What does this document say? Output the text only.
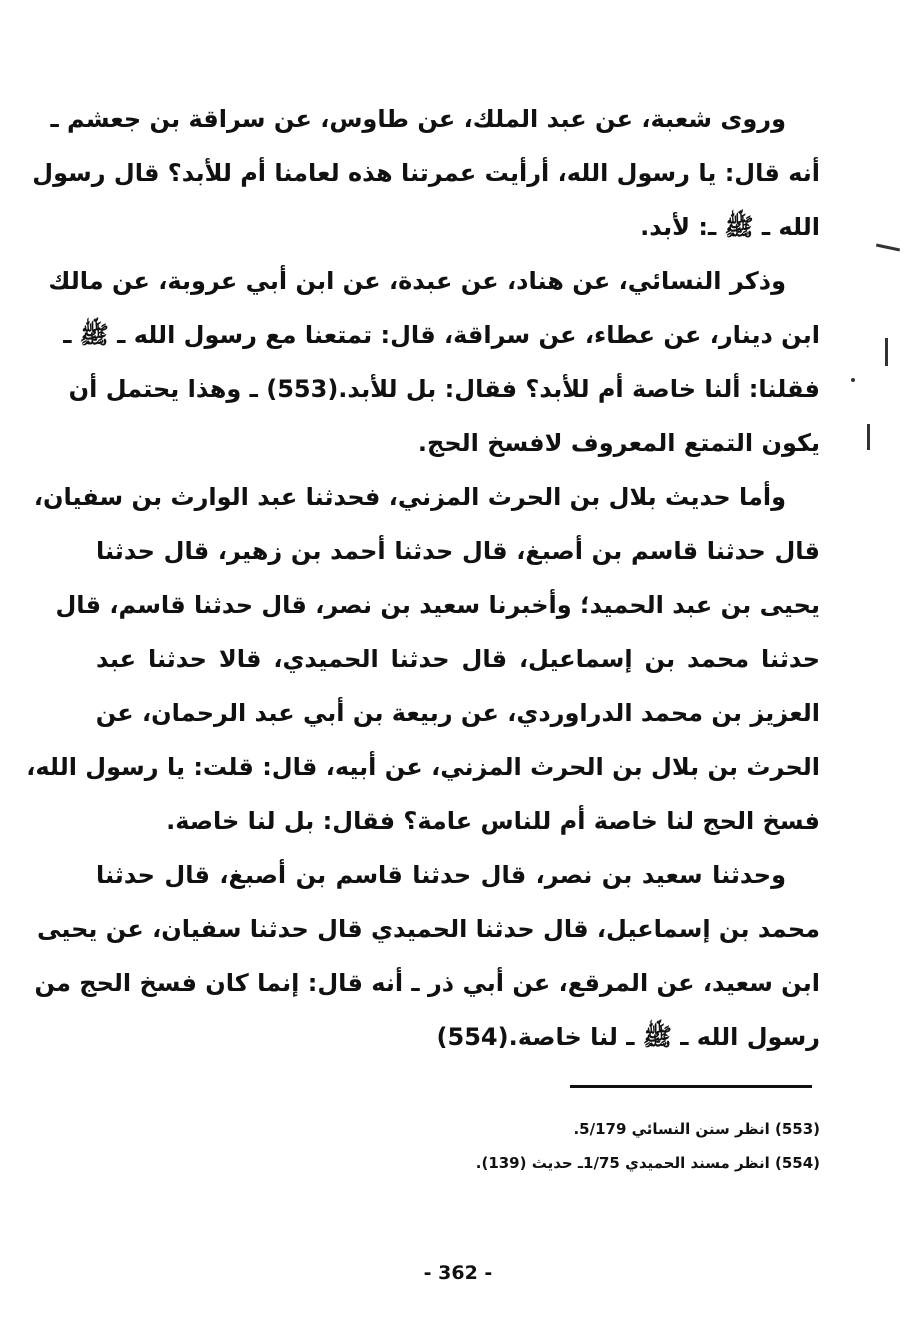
وروى شعبة، عن عبد الملك، عن طاوس، عن سراقة بن جعشم ـ
أنه قال: يا رسول الله، أرأيت عمرتنا هذه لعامنا أم للأبد؟ قال رسول
الله ـ ﷺ ـ: لأبد.

وذكر النسائي، عن هناد، عن عبدة، عن ابن أبي عروبة، عن مالك
ابن دينار، عن عطاء، عن سراقة، قال: تمتعنا مع رسول الله ـ ﷺ ـ
فقلنا: ألنا خاصة أم للأبد؟ فقال: بل للأبد.(553) ـ وهذا يحتمل أن
يكون التمتع المعروف لافسخ الحج.

وأما حديث بلال بن الحرث المزني، فحدثنا عبد الوارث بن سفيان،
قال حدثنا قاسم بن أصبغ، قال حدثنا أحمد بن زهير، قال حدثنا
يحيى بن عبد الحميد؛ وأخبرنا سعيد بن نصر، قال حدثنا قاسم، قال
حدثنا محمد بن إسماعيل، قال حدثنا الحميدي، قالا حدثنا عبد
العزيز بن محمد الدراوردي، عن ربيعة بن أبي عبد الرحمان، عن
الحرث بن بلال بن الحرث المزني، عن أبيه، قال: قلت: يا رسول الله،
فسخ الحج لنا خاصة أم للناس عامة؟ فقال: بل لنا خاصة.

وحدثنا سعيد بن نصر، قال حدثنا قاسم بن أصبغ، قال حدثنا
محمد بن إسماعيل، قال حدثنا الحميدي قال حدثنا سفيان، عن يحيى
ابن سعيد، عن المرقع، عن أبي ذر ـ أنه قال: إنما كان فسخ الحج من
رسول الله ـ ﷺ ـ لنا خاصة.(554)

(553) انظر سنن النسائي 5/179.
(554) انظر مسند الحميدي 1/75ـ حديث (139).
- 362 -
